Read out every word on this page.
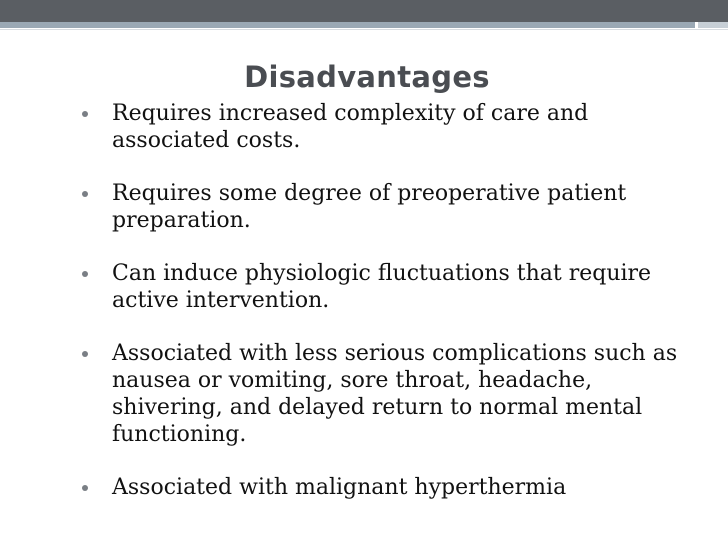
Disadvantages
Requires increased complexity of care and associated costs.
Requires some degree of preoperative patient preparation.
Can induce physiologic fluctuations that require active intervention.
Associated with less serious complications such as nausea or vomiting, sore throat, headache, shivering, and delayed return to normal mental functioning.
Associated with malignant hyperthermia
